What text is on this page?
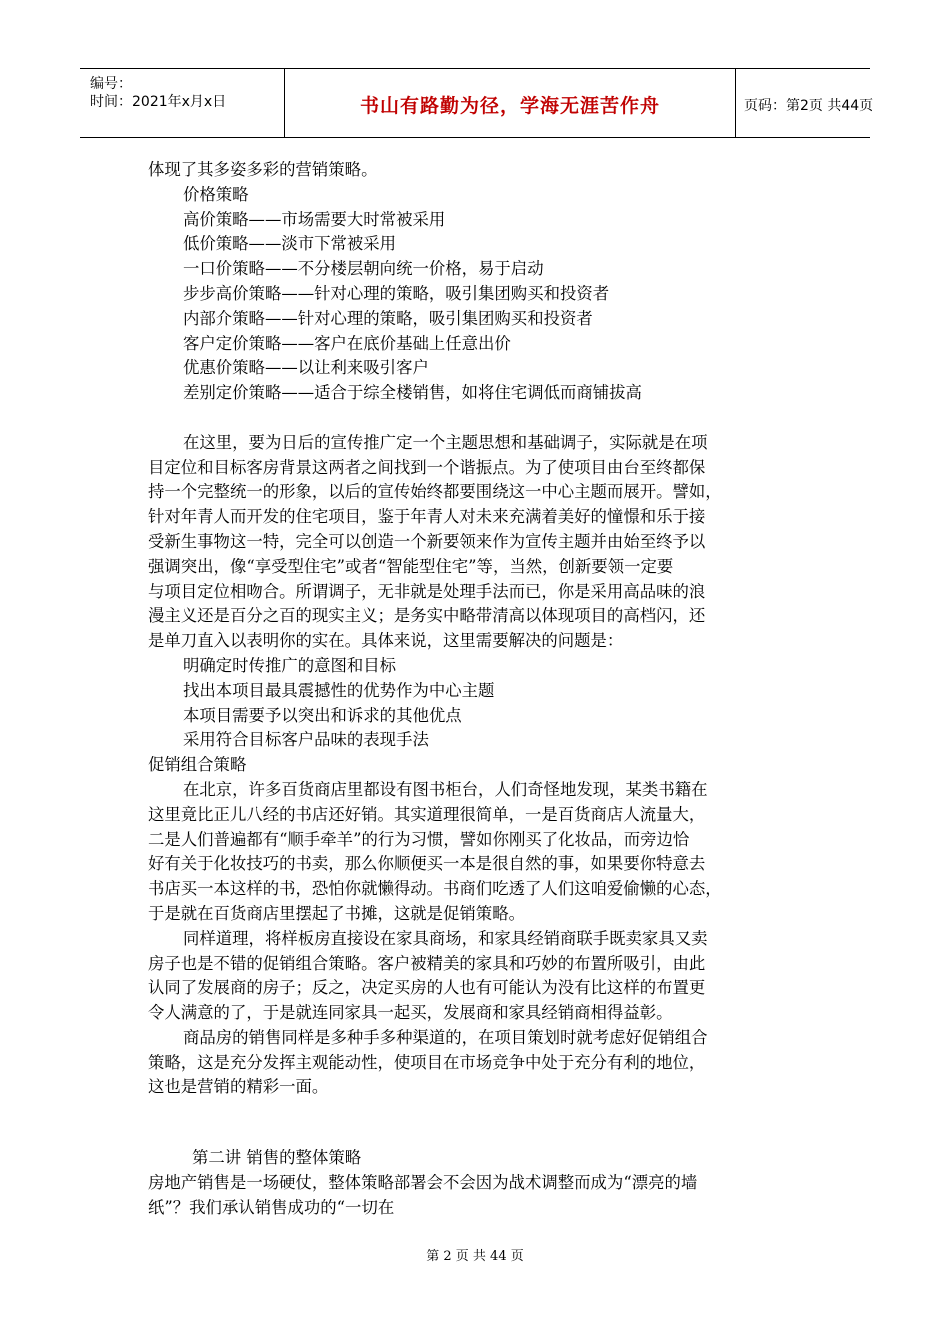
编号：
时间：2021年x月x日	书山有路勤为径，学海无涯苦作舟	页码：第2页 共44页

体现了其多姿多彩的营销策略。

价格策略

高价策略——市场需要大时常被采用

低价策略——淡市下常被采用

一口价策略——不分楼层朝向统一价格，易于启动

步步高价策略——针对心理的策略，吸引集团购买和投资者

内部介策略——针对心理的策略，吸引集团购买和投资者

客户定价策略——客户在底价基础上任意出价

优惠价策略——以让利来吸引客户

差别定价策略——适合于综全楼销售，如将住宅调低而商铺拔高

在这里，要为日后的宣传推广定一个主题思想和基础调子，实际就是在项

目定位和目标客房背景这两者之间找到一个谐振点。为了使项目由台至终都保

持一个完整统一的形象，以后的宣传始终都要围绕这一中心主题而展开。譬如，

针对年青人而开发的住宅项目，鉴于年青人对未来充满着美好的憧憬和乐于接

受新生事物这一特，完全可以创造一个新要领来作为宣传主题并由始至终予以

强调突出，像“享受型住宅”或者“智能型住宅”等，当然，创新要领一定要

与项目定位相吻合。所谓调子，无非就是处理手法而已，你是采用高品味的浪

漫主义还是百分之百的现实主义；是务实中略带清高以体现项目的高档闪，还

是单刀直入以表明你的实在。具体来说，这里需要解决的问题是：

明确定时传推广的意图和目标

找出本项目最具震撼性的优势作为中心主题

本项目需要予以突出和诉求的其他优点

采用符合目标客户品味的表现手法

促销组合策略

在北京，许多百货商店里都设有图书柜台，人们奇怪地发现，某类书籍在

这里竟比正儿八经的书店还好销。其实道理很简单，一是百货商店人流量大，

二是人们普遍都有“顺手牵羊”的行为习惯，譬如你刚买了化妆品，而旁边恰

好有关于化妆技巧的书卖，那么你顺便买一本是很自然的事，如果要你特意去

书店买一本这样的书，恐怕你就懒得动。书商们吃透了人们这咱爱偷懒的心态，

于是就在百货商店里摆起了书摊，这就是促销策略。

同样道理，将样板房直接设在家具商场，和家具经销商联手既卖家具又卖

房子也是不错的促销组合策略。客户被精美的家具和巧妙的布置所吸引，由此

认同了发展商的房子；反之，决定买房的人也有可能认为没有比这样的布置更

令人满意的了，于是就连同家具一起买，发展商和家具经销商相得益彰。

商品房的销售同样是多种手多种渠道的，在项目策划时就考虑好促销组合

策略，这是充分发挥主观能动性，使项目在市场竞争中处于充分有利的地位，

这也是营销的精彩一面。

第二讲 销售的整体策略

房地产销售是一场硬仗，整体策略部署会不会因为战术调整而成为“漂亮的墙

纸”？我们承认销售成功的“一切在

第 2 页 共 44 页
